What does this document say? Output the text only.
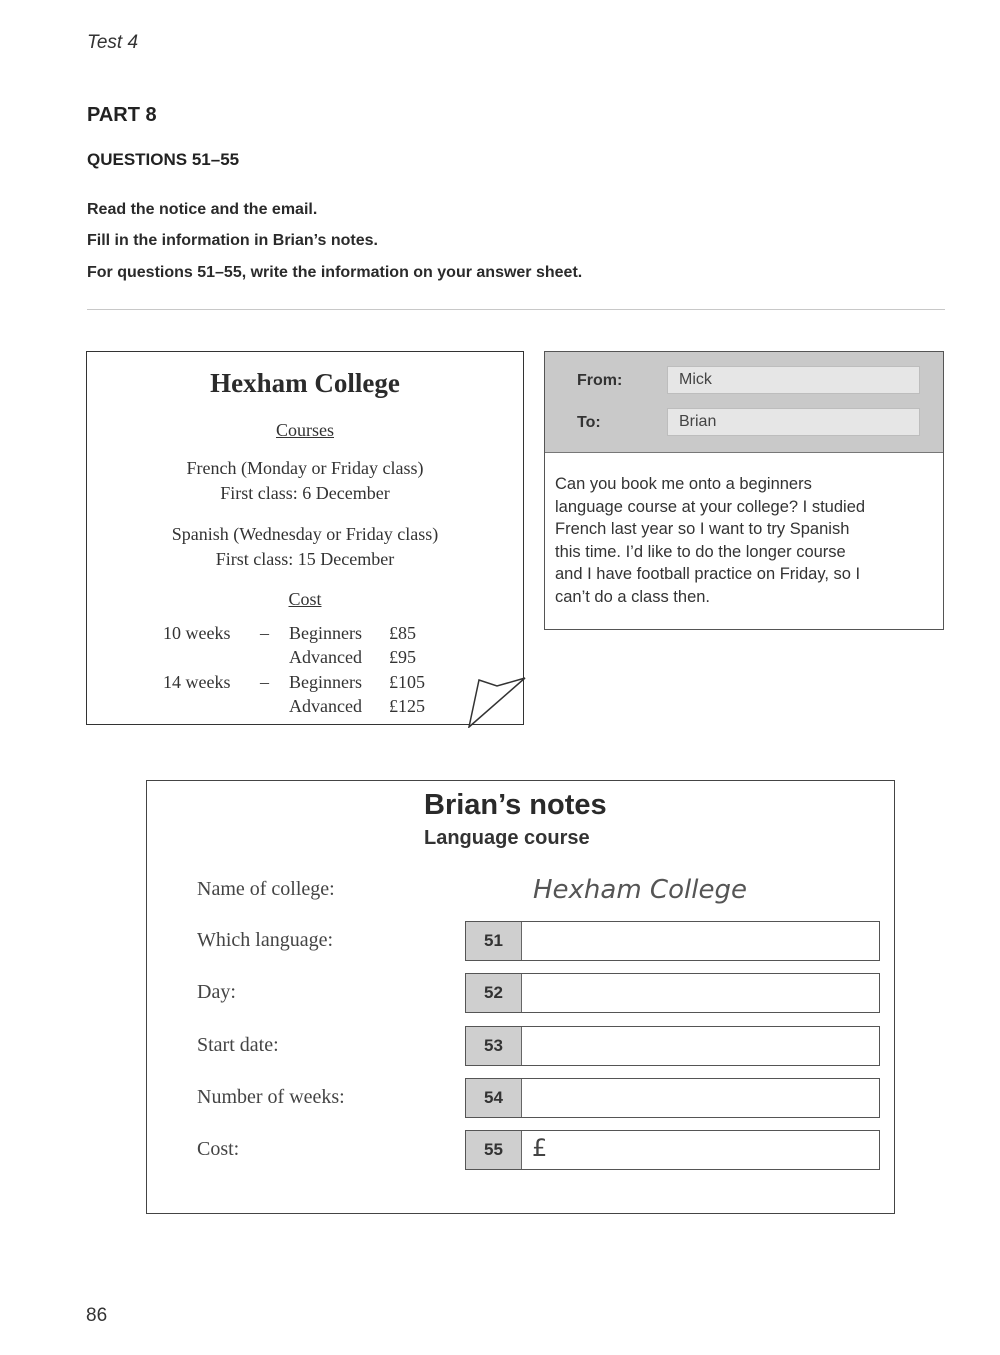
Test 4
PART 8
QUESTIONS 51–55
Read the notice and the email.
Fill in the information in Brian’s notes.
For questions 51–55, write the information on your answer sheet.
Hexham College
Courses
French (Monday or Friday class)
First class: 6 December
Spanish (Wednesday or Friday class)
First class: 15 December
Cost
10 weeks – Beginners £85
Advanced £95
14 weeks – Beginners £105
Advanced £125
From:	Mick
To:	Brian
Can you book me onto a beginners
language course at your college? I studied
French last year so I want to try Spanish
this time. I’d like to do the longer course
and I have football practice on Friday, so I
can’t do a class then.
Brian’s notes
Language course
Name of college:	Hexham College
Which language:	51
Day:	52
Start date:	53
Number of weeks:	54
Cost:	55	£
86
